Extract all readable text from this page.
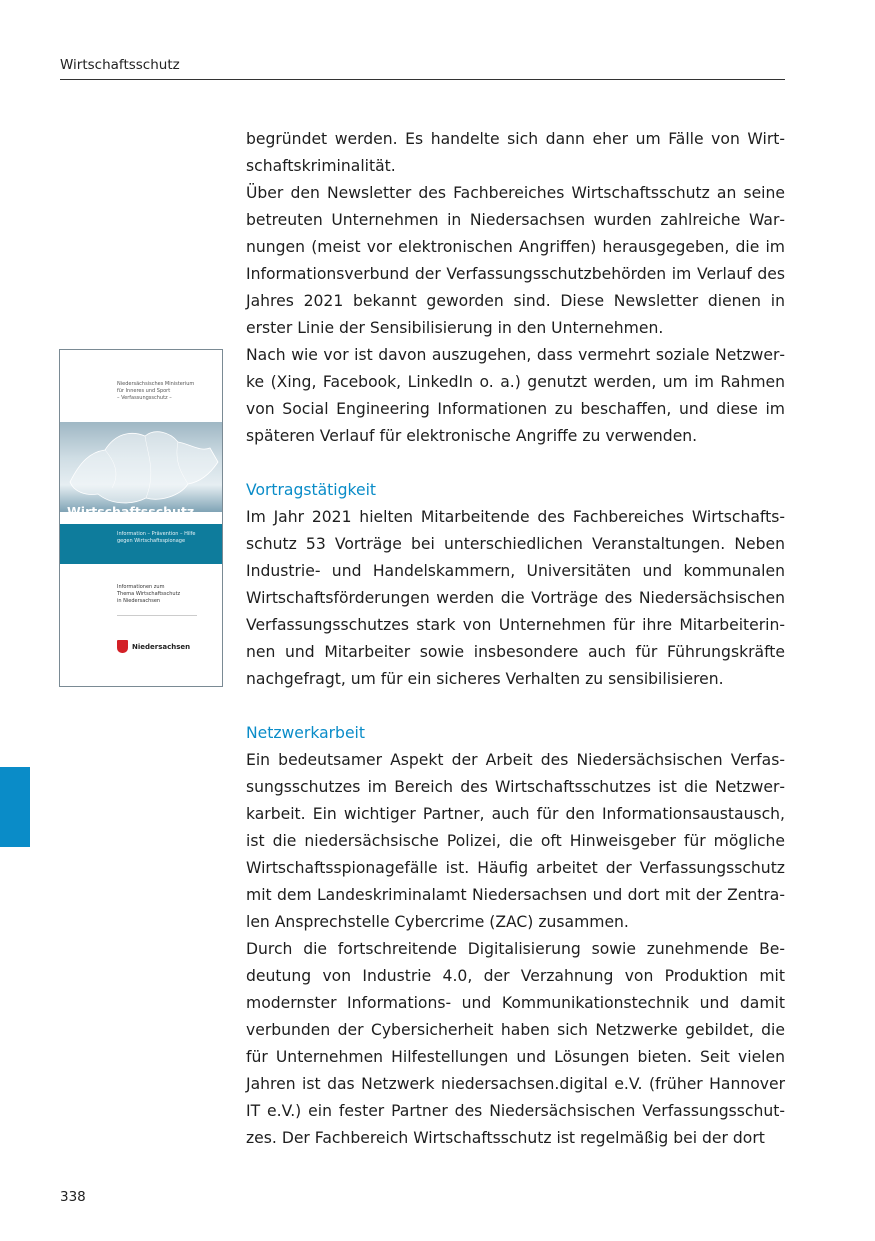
Wirtschaftsschutz
Niedersächsisches Ministerium
für Inneres und Sport
– Verfassungsschutz –
Wirtschaftsschutz
Information – Prävention – Hilfe
gegen Wirtschaftsspionage
Informationen zum
Thema Wirtschaftsschutz
in Niedersachsen
Niedersachsen

begründet werden. Es handelte sich dann eher um Fälle von Wirtschaftskriminalität.

Über den Newsletter des Fachbereiches Wirtschaftsschutz an seine betreuten Unternehmen in Niedersachsen wurden zahlreiche Warnungen (meist vor elektronischen Angriffen) herausgegeben, die im Informationsverbund der Verfassungsschutzbehörden im Verlauf des Jahres 2021 bekannt geworden sind. Diese Newsletter dienen in erster Linie der Sensibilisierung in den Unternehmen.

Nach wie vor ist davon auszugehen, dass vermehrt soziale Netzwerke (Xing, Facebook, LinkedIn o. a.) genutzt werden, um im Rahmen von Social Engineering Informationen zu beschaffen, und diese im späteren Verlauf für elektronische Angriffe zu verwenden.

Vortragstätigkeit

Im Jahr 2021 hielten Mitarbeitende des Fachbereiches Wirtschaftsschutz 53 Vorträge bei unterschiedlichen Veranstaltungen. Neben Industrie- und Handelskammern, Universitäten und kommunalen Wirtschaftsförderungen werden die Vorträge des Niedersächsischen Verfassungsschutzes stark von Unternehmen für ihre Mitarbeiterinnen und Mitarbeiter sowie insbesondere auch für Führungskräfte nachgefragt, um für ein sicheres Verhalten zu sensibilisieren.

Netzwerkarbeit

Ein bedeutsamer Aspekt der Arbeit des Niedersächsischen Verfassungsschutzes im Bereich des Wirtschaftsschutzes ist die Netzwerkarbeit. Ein wichtiger Partner, auch für den Informationsaustausch, ist die niedersächsische Polizei, die oft Hinweisgeber für mögliche Wirtschaftsspionagefälle ist. Häufig arbeitet der Verfassungsschutz mit dem Landeskriminalamt Niedersachsen und dort mit der Zentralen Ansprechstelle Cybercrime (ZAC) zusammen.

Durch die fortschreitende Digitalisierung sowie zunehmende Bedeutung von Industrie 4.0, der Verzahnung von Produktion mit modernster Informations- und Kommunikationstechnik und damit verbunden der Cybersicherheit haben sich Netzwerke gebildet, die für Unternehmen Hilfestellungen und Lösungen bieten. Seit vielen Jahren ist das Netzwerk niedersachsen.digital e.V. (früher Hannover IT e.V.) ein fester Partner des Niedersächsischen Verfassungsschutzes. Der Fachbereich Wirtschaftsschutz ist regelmäßig bei der dort

338
